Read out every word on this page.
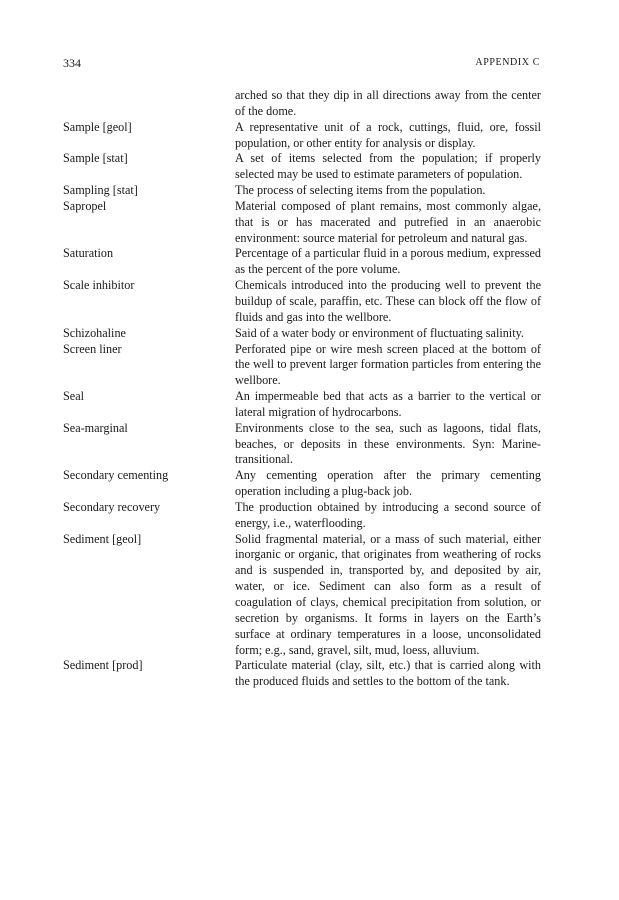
334	APPENDIX C
arched so that they dip in all directions away from the center of the dome.
Sample [geol]	A representative unit of a rock, cuttings, fluid, ore, fossil population, or other entity for analysis or display.
Sample [stat]	A set of items selected from the population; if properly selected may be used to estimate parameters of population.
Sampling [stat]	The process of selecting items from the population.
Sapropel	Material composed of plant remains, most commonly algae, that is or has macerated and putrefied in an anaerobic environment: source material for petroleum and natural gas.
Saturation	Percentage of a particular fluid in a porous medium, expressed as the percent of the pore volume.
Scale inhibitor	Chemicals introduced into the producing well to prevent the buildup of scale, paraffin, etc. These can block off the flow of fluids and gas into the wellbore.
Schizohaline	Said of a water body or environment of fluctuating salinity.
Screen liner	Perforated pipe or wire mesh screen placed at the bottom of the well to prevent larger formation particles from entering the wellbore.
Seal	An impermeable bed that acts as a barrier to the vertical or lateral migration of hydrocarbons.
Sea-marginal	Environments close to the sea, such as lagoons, tidal flats, beaches, or deposits in these environments. Syn: Marine-transitional.
Secondary cementing	Any cementing operation after the primary cementing operation including a plug-back job.
Secondary recovery	The production obtained by introducing a second source of energy, i.e., waterflooding.
Sediment [geol]	Solid fragmental material, or a mass of such material, either inorganic or organic, that originates from weathering of rocks and is suspended in, transported by, and deposited by air, water, or ice. Sediment can also form as a result of coagulation of clays, chemical precipitation from solution, or secretion by organisms. It forms in layers on the Earth’s surface at ordinary temperatures in a loose, unconsolidated form; e.g., sand, gravel, silt, mud, loess, alluvium.
Sediment [prod]	Particulate material (clay, silt, etc.) that is carried along with the produced fluids and settles to the bottom of the tank.
